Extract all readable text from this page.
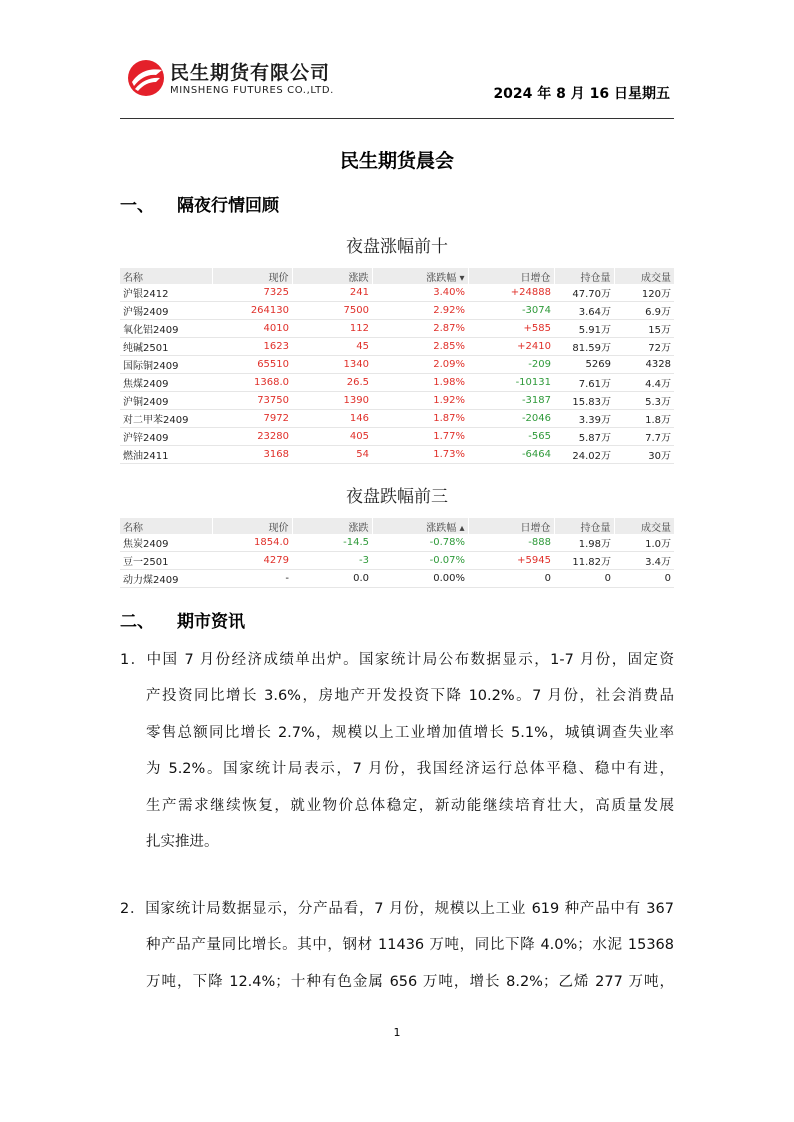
民生期货有限公司
MINSHENG FUTURES CO.,LTD.	2024 年 8 月 16 日星期五
民生期货晨会
一、 隔夜行情回顾
夜盘涨幅前十
名称	现价	涨跌	涨跌幅 ▾	日增仓	持仓量	成交量
沪银2412	7325	241	3.40%	+24888	47.70万	120万
沪锡2409	264130	7500	2.92%	-3074	3.64万	6.9万
氧化铝2409	4010	112	2.87%	+585	5.91万	15万
纯碱2501	1623	45	2.85%	+2410	81.59万	72万
国际铜2409	65510	1340	2.09%	-209	5269	4328
焦煤2409	1368.0	26.5	1.98%	-10131	7.61万	4.4万
沪铜2409	73750	1390	1.92%	-3187	15.83万	5.3万
对二甲苯2409	7972	146	1.87%	-2046	3.39万	1.8万
沪锌2409	23280	405	1.77%	-565	5.87万	7.7万
燃油2411	3168	54	1.73%	-6464	24.02万	30万
夜盘跌幅前三
名称	现价	涨跌	涨跌幅 ▴	日增仓	持仓量	成交量
焦炭2409	1854.0	-14.5	-0.78%	-888	1.98万	1.0万
豆一2501	4279	-3	-0.07%	+5945	11.82万	3.4万
动力煤2409	-	0.0	0.00%	0	0	0
二、 期市资讯
1．中国 7 月份经济成绩单出炉。国家统计局公布数据显示，1-7 月份，固定资
产投资同比增长 3.6%，房地产开发投资下降 10.2%。7 月份，社会消费品
零售总额同比增长 2.7%，规模以上工业增加值增长 5.1%，城镇调查失业率
为 5.2%。国家统计局表示，7 月份，我国经济运行总体平稳、稳中有进，
生产需求继续恢复，就业物价总体稳定，新动能继续培育壮大，高质量发展
扎实推进。
2．国家统计局数据显示，分产品看，7 月份，规模以上工业 619 种产品中有 367
种产品产量同比增长。其中，钢材 11436 万吨，同比下降 4.0%；水泥 15368
万吨，下降 12.4%；十种有色金属 656 万吨，增长 8.2%；乙烯 277 万吨，
1
